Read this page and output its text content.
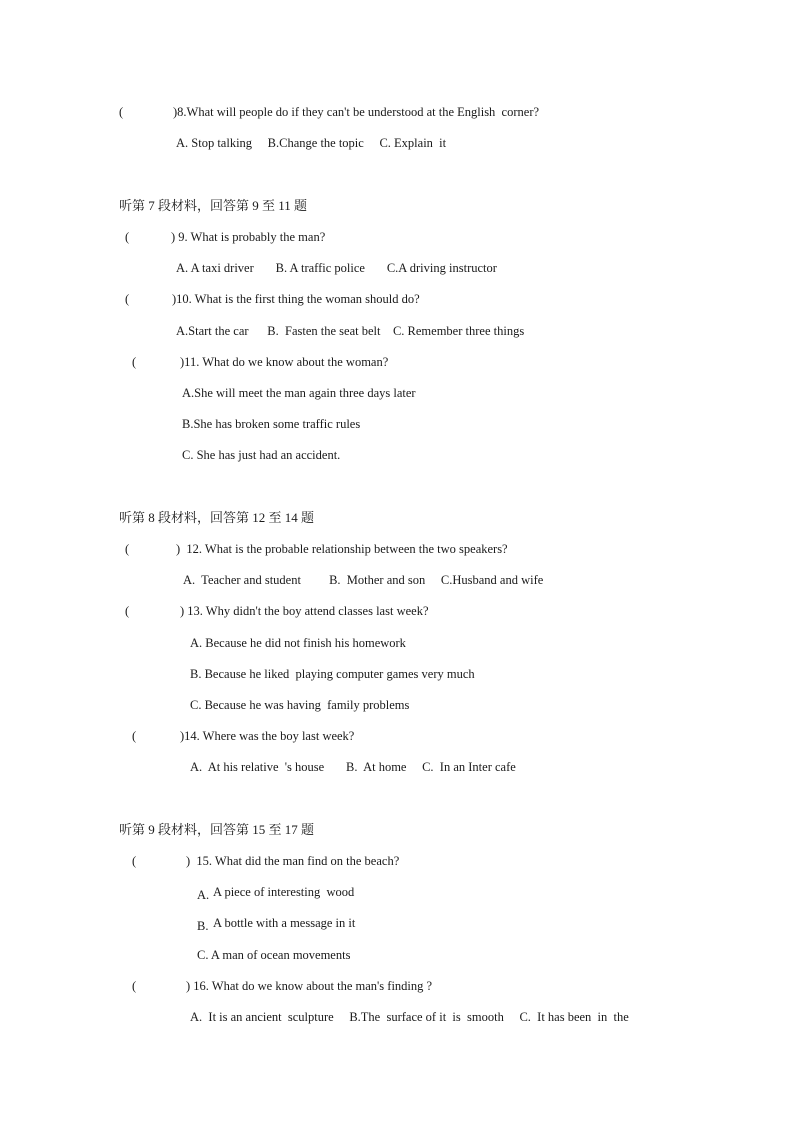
(	)8.What will people do if they can't be understood at the English  corner?
A. Stop talking     B.Change the topic     C. Explain  it
听第 7 段材料，回答第 9 至 11 题
(	) 9. What is probably the man?
A. A taxi driver       B. A traffic police       C.A driving instructor
(	)10. What is the first thing the woman should do?
A.Start the car      B.  Fasten the seat belt    C. Remember three things
(	)11. What do we know about the woman?
A.She will meet the man again three days later
B.She has broken some traffic rules
C. She has just had an accident.
听第 8 段材料，回答第 12 至 14 题
(	)  12. What is the probable relationship between the two speakers?
A.  Teacher and student         B.  Mother and son     C.Husband and wife
(	) 13. Why didn't the boy attend classes last week?
A. Because he did not finish his homework
B. Because he liked  playing computer games very much
C. Because he was having  family problems
(	)14. Where was the boy last week?
A.  At his relative  's house       B.  At home     C.  In an Inter cafe
听第 9 段材料，回答第 15 至 17 题
(	)  15. What did the man find on the beach?
A. A piece of interesting  wood
B. A bottle with a message in it
C. A man of ocean movements
(	) 16. What do we know about the man's finding ?
A.  It is an ancient  sculpture     B.The  surface of it  is  smooth     C.  It has been  in  the
